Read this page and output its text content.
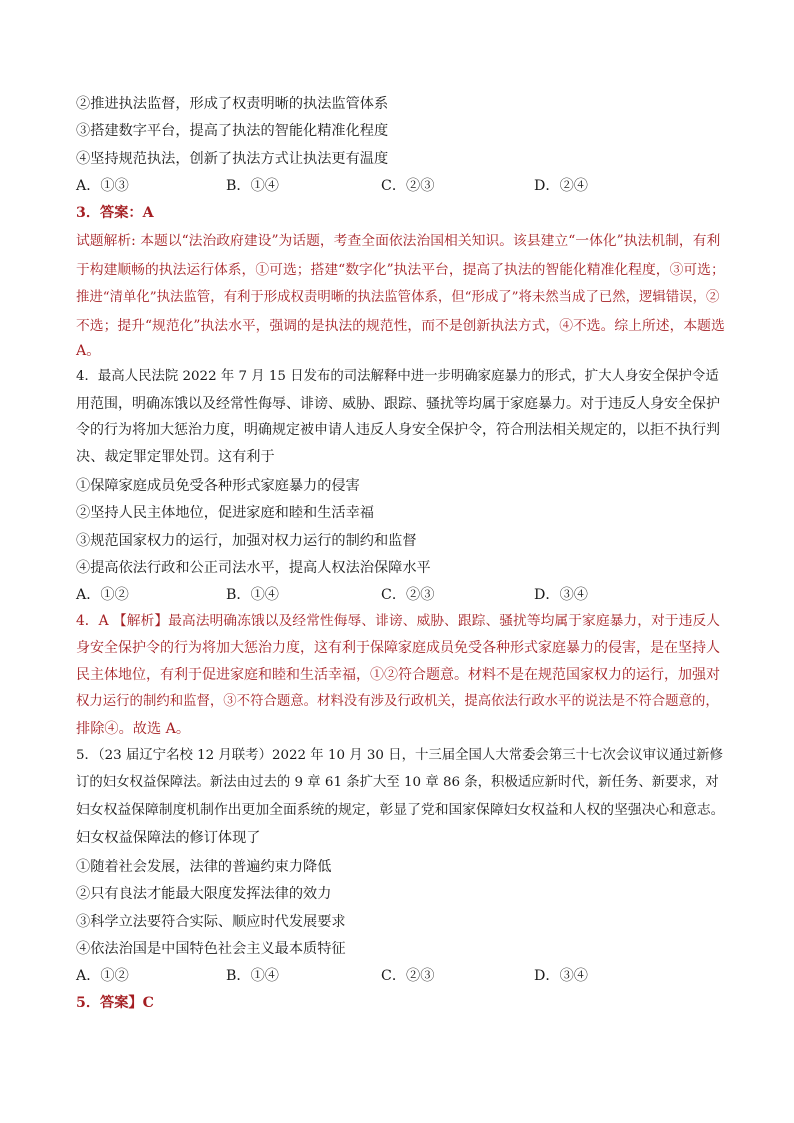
②推进执法监督，形成了权责明晰的执法监管体系
③搭建数字平台，提高了执法的智能化精准化程度
④坚持规范执法，创新了执法方式让执法更有温度
A．①③	B．①④	C．②③	D．②④
3．答案：A
试题解析: 本题以“法治政府建设”为话题，考查全面依法治国相关知识。该县建立“一体化”执法机制，有利
于构建顺畅的执法运行体系，①可选；搭建“数字化”执法平台，提高了执法的智能化精准化程度，③可选；
推进“清单化”执法监管，有利于形成权责明晰的执法监管体系，但“形成了”将未然当成了已然，逻辑错误，②
不选；提升“规范化”执法水平，强调的是执法的规范性，而不是创新执法方式，④不选。综上所述，本题选
A。
4．最高人民法院 2022 年 7 月 15 日发布的司法解释中进一步明确家庭暴力的形式，扩大人身安全保护令适
用范围，明确冻饿以及经常性侮辱、诽谤、威胁、跟踪、骚扰等均属于家庭暴力。对于违反人身安全保护
令的行为将加大惩治力度，明确规定被申请人违反人身安全保护令，符合刑法相关规定的，以拒不执行判
决、裁定罪定罪处罚。这有利于
①保障家庭成员免受各种形式家庭暴力的侵害
②坚持人民主体地位，促进家庭和睦和生活幸福
③规范国家权力的运行，加强对权力运行的制约和监督
④提高依法行政和公正司法水平，提高人权法治保障水平
A．①②	B．①④	C．②③	D．③④
4．A 【解析】最高法明确冻饿以及经常性侮辱、诽谤、威胁、跟踪、骚扰等均属于家庭暴力，对于违反人
身安全保护令的行为将加大惩治力度，这有利于保障家庭成员免受各种形式家庭暴力的侵害，是在坚持人
民主体地位，有利于促进家庭和睦和生活幸福，①②符合题意。材料不是在规范国家权力的运行，加强对
权力运行的制约和监督，③不符合题意。材料没有涉及行政机关，提高依法行政水平的说法是不符合题意的，
排除④。故选 A。
5．（23 届辽宁名校 12 月联考）2022 年 10 月 30 日，十三届全国人大常委会第三十七次会议审议通过新修
订的妇女权益保障法。新法由过去的 9 章 61 条扩大至 10 章 86 条，积极适应新时代，新任务、新要求，对
妇女权益保障制度机制作出更加全面系统的规定，彰显了党和国家保障妇女权益和人权的坚强决心和意志。
妇女权益保障法的修订体现了
①随着社会发展，法律的普遍约束力降低
②只有良法才能最大限度发挥法律的效力
③科学立法要符合实际、顺应时代发展要求
④依法治国是中国特色社会主义最本质特征
A．①②	B．①④	C．②③	D．③④
5．答案】C
